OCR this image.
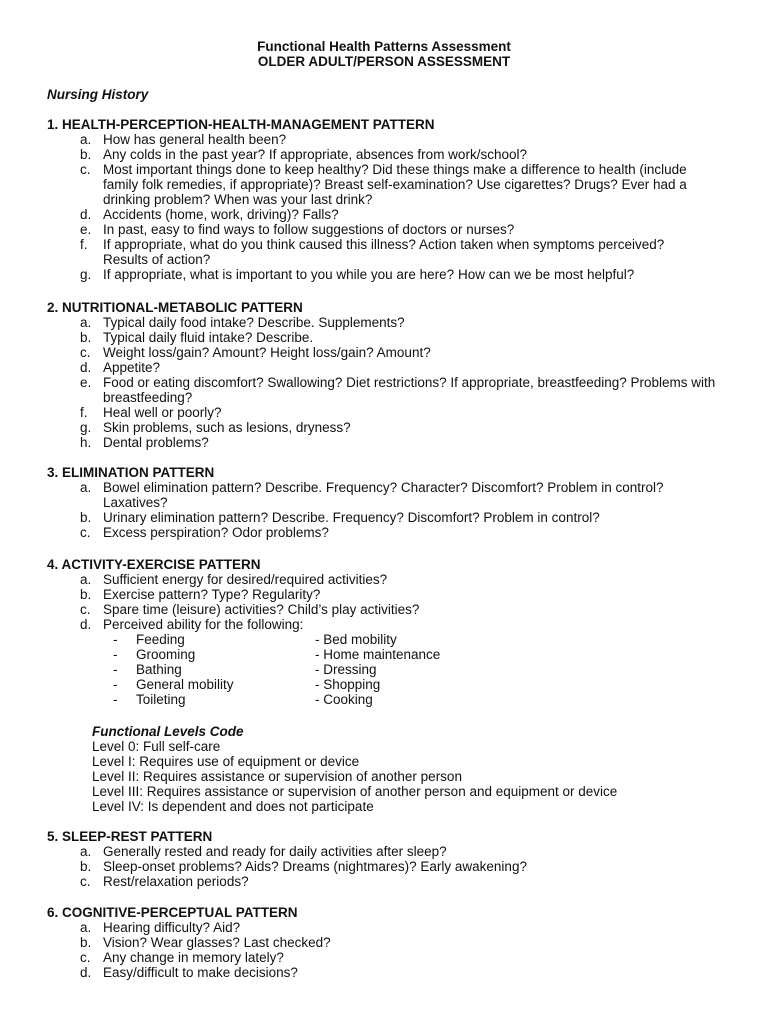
Functional Health Patterns Assessment
OLDER ADULT/PERSON ASSESSMENT
Nursing History
1. HEALTH-PERCEPTION-HEALTH-MANAGEMENT PATTERN
a. How has general health been?
b. Any colds in the past year? If appropriate, absences from work/school?
c. Most important things done to keep healthy? Did these things make a difference to health (include family folk remedies, if appropriate)? Breast self-examination? Use cigarettes? Drugs? Ever had a drinking problem? When was your last drink?
d. Accidents (home, work, driving)? Falls?
e. In past, easy to find ways to follow suggestions of doctors or nurses?
f. If appropriate, what do you think caused this illness? Action taken when symptoms perceived? Results of action?
g. If appropriate, what is important to you while you are here? How can we be most helpful?
2. NUTRITIONAL-METABOLIC PATTERN
a. Typical daily food intake? Describe. Supplements?
b. Typical daily fluid intake? Describe.
c. Weight loss/gain? Amount? Height loss/gain? Amount?
d. Appetite?
e. Food or eating discomfort? Swallowing? Diet restrictions? If appropriate, breastfeeding? Problems with breastfeeding?
f. Heal well or poorly?
g. Skin problems, such as lesions, dryness?
h. Dental problems?
3. ELIMINATION PATTERN
a. Bowel elimination pattern? Describe. Frequency? Character? Discomfort? Problem in control? Laxatives?
b. Urinary elimination pattern? Describe. Frequency? Discomfort? Problem in control?
c. Excess perspiration? Odor problems?
4. ACTIVITY-EXERCISE PATTERN
a. Sufficient energy for desired/required activities?
b. Exercise pattern? Type? Regularity?
c. Spare time (leisure) activities? Child’s play activities?
d. Perceived ability for the following:
- Feeding	- Bed mobility
- Grooming	- Home maintenance
- Bathing	- Dressing
- General mobility	- Shopping
- Toileting	- Cooking
Functional Levels Code
Level 0: Full self-care
Level I: Requires use of equipment or device
Level II: Requires assistance or supervision of another person
Level III: Requires assistance or supervision of another person and equipment or device
Level IV: Is dependent and does not participate
5. SLEEP-REST PATTERN
a. Generally rested and ready for daily activities after sleep?
b. Sleep-onset problems? Aids? Dreams (nightmares)? Early awakening?
c. Rest/relaxation periods?
6. COGNITIVE-PERCEPTUAL PATTERN
a. Hearing difficulty? Aid?
b. Vision? Wear glasses? Last checked?
c. Any change in memory lately?
d. Easy/difficult to make decisions?
